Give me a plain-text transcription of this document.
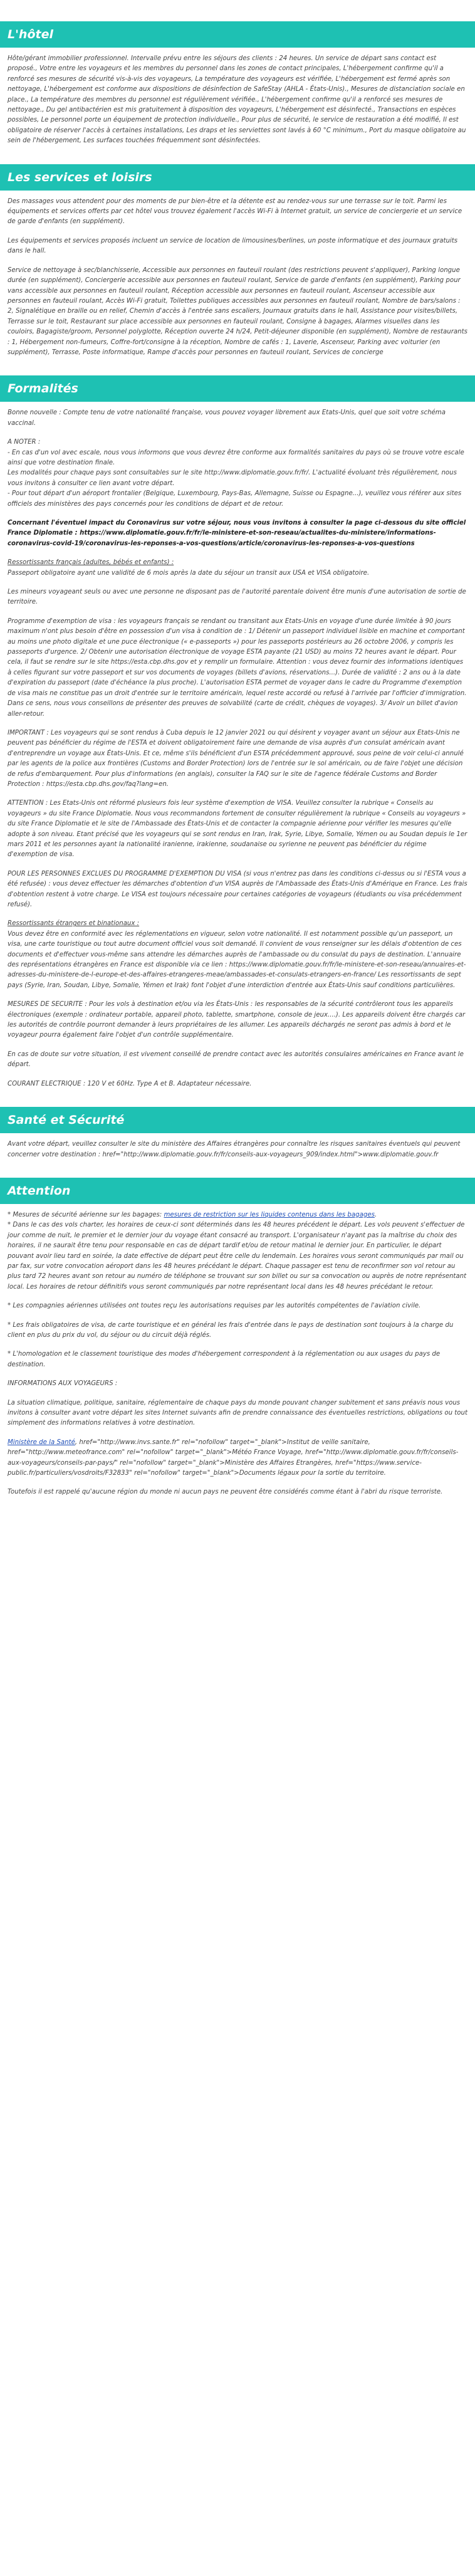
L'hôtel

Hôte/gérant immobilier professionnel. Intervalle prévu entre les séjours des clients : 24 heures. Un service de départ sans contact est proposé., Votre entre les voyageurs et les membres du personnel dans les zones de contact principales, L'hébergement confirme qu'il a renforcé ses mesures de sécurité vis-à-vis des voyageurs, La température des voyageurs est vérifiée, L'hébergement est fermé après son nettoyage, L'hébergement est conforme aux dispositions de désinfection de SafeStay (AHLA - États-Unis)., Mesures de distanciation sociale en place., La température des membres du personnel est régulièrement vérifiée., L'hébergement confirme qu'il a renforcé ses mesures de nettoyage., Du gel antibactérien est mis gratuitement à disposition des voyageurs, L'hébergement est désinfecté., Transactions en espèces possibles, Le personnel porte un équipement de protection individuelle., Pour plus de sécurité, le service de restauration a été modifié, Il est obligatoire de réserver l'accès à certaines installations, Les draps et les serviettes sont lavés à 60 °C minimum., Port du masque obligatoire au sein de l'hébergement, Les surfaces touchées fréquemment sont désinfectées.

Les services et loisirs

Des massages vous attendent pour des moments de pur bien-être et la détente est au rendez-vous sur une terrasse sur le toit. Parmi les équipements et services offerts par cet hôtel vous trouvez également l'accès Wi-Fi à Internet gratuit, un service de conciergerie et un service de garde d'enfants (en supplément).

Les équipements et services proposés incluent un service de location de limousines/berlines, un poste informatique et des journaux gratuits dans le hall.

Service de nettoyage à sec/blanchisserie, Accessible aux personnes en fauteuil roulant (des restrictions peuvent s'appliquer), Parking longue durée (en supplément), Conciergerie accessible aux personnes en fauteuil roulant, Service de garde d'enfants (en supplément), Parking pour vans accessible aux personnes en fauteuil roulant, Réception accessible aux personnes en fauteuil roulant, Ascenseur accessible aux personnes en fauteuil roulant, Accès Wi-Fi gratuit, Toilettes publiques accessibles aux personnes en fauteuil roulant, Nombre de bars/salons : 2, Signalétique en braille ou en relief, Chemin d'accès à l'entrée sans escaliers, Journaux gratuits dans le hall, Assistance pour visites/billets, Terrasse sur le toit, Restaurant sur place accessible aux personnes en fauteuil roulant, Consigne à bagages, Alarmes visuelles dans les couloirs, Bagagiste/groom, Personnel polyglotte, Réception ouverte 24 h/24, Petit-déjeuner disponible (en supplément), Nombre de restaurants : 1, Hébergement non-fumeurs, Coffre-fort/consigne à la réception, Nombre de cafés : 1, Laverie, Ascenseur, Parking avec voiturier (en supplément), Terrasse, Poste informatique, Rampe d'accès pour personnes en fauteuil roulant, Services de concierge

Formalités

Bonne nouvelle : Compte tenu de votre nationalité française, vous pouvez voyager librement aux Etats-Unis, quel que soit votre schéma vaccinal.

A NOTER :
- En cas d'un vol avec escale, nous vous informons que vous devrez être conforme aux formalités sanitaires du pays où se trouve votre escale ainsi que votre destination finale.
Les modalités pour chaque pays sont consultables sur le site http://www.diplomatie.gouv.fr/fr/. L'actualité évoluant très régulièrement, nous vous invitons à consulter ce lien avant votre départ.

- Pour tout départ d'un aéroport frontalier (Belgique, Luxembourg, Pays-Bas, Allemagne, Suisse ou Espagne...), veuillez vous référer aux sites officiels des ministères des pays concernés pour les conditions de départ et de retour.

Concernant l'éventuel impact du Coronavirus sur votre séjour, nous vous invitons à consulter la page ci-dessous du site officiel France Diplomatie : https://www.diplomatie.gouv.fr/fr/le-ministere-et-son-reseau/actualites-du-ministere/informations-coronavirus-covid-19/coronavirus-les-reponses-a-vos-questions/article/coronavirus-les-reponses-a-vos-questions

Ressortissants français (adultes, bébés et enfants) :

Passeport obligatoire ayant une validité de 6 mois après la date du séjour un transit aux USA et VISA obligatoire.

Les mineurs voyageant seuls ou avec une personne ne disposant pas de l'autorité parentale doivent être munis d'une autorisation de sortie de territoire.

Programme d'exemption de visa : les voyageurs français se rendant ou transitant aux Etats-Unis en voyage d'une durée limitée à 90 jours maximum n'ont plus besoin d'être en possession d'un visa à condition de : 1/ Détenir un passeport individuel lisible en machine et comportant au moins une photo digitale et une puce électronique (« e-passeports ») pour les passeports postérieurs au 26 octobre 2006, y compris les passeports d'urgence. 2/ Obtenir une autorisation électronique de voyage ESTA payante (21 USD) au moins 72 heures avant le départ. Pour cela, il faut se rendre sur le site https://esta.cbp.dhs.gov et y remplir un formulaire. Attention : vous devez fournir des informations identiques à celles figurant sur votre passeport et sur vos documents de voyages (billets d'avions, réservations...). Durée de validité : 2 ans ou à la date d'expiration du passeport (date d'échéance la plus proche). L'autorisation ESTA permet de voyager dans le cadre du Programme d'exemption de visa mais ne constitue pas un droit d'entrée sur le territoire américain, lequel reste accordé ou refusé à l'arrivée par l'officier d'immigration. Dans ce sens, nous vous conseillons de présenter des preuves de solvabilité (carte de crédit, chèques de voyages). 3/ Avoir un billet d'avion aller-retour.

IMPORTANT : Les voyageurs qui se sont rendus à Cuba depuis le 12 janvier 2021 ou qui désirent y voyager avant un séjour aux Etats-Unis ne peuvent pas bénéficier du régime de l'ESTA et doivent obligatoirement faire une demande de visa auprès d'un consulat américain avant d'entreprendre un voyage aux États-Unis. Et ce, même s'ils bénéficient d'un ESTA précédemment approuvé, sous peine de voir celui-ci annulé par les agents de la police aux frontières (Customs and Border Protection) lors de l'entrée sur le sol américain, ou de faire l'objet une décision de refus d'embarquement. Pour plus d'informations (en anglais), consulter la FAQ sur le site de l'agence fédérale Customs and Border Protection : https://esta.cbp.dhs.gov/faq?lang=en.

ATTENTION : Les Etats-Unis ont réformé plusieurs fois leur système d'exemption de VISA. Veuillez consulter la rubrique « Conseils au voyageurs » du site France Diplomatie. Nous vous recommandons fortement de consulter régulièrement la rubrique « Conseils au voyageurs » du site France Diplomatie et le site de l'Ambassade des États-Unis et de contacter la compagnie aérienne pour vérifier les mesures qu'elle adopte à son niveau. Etant précisé que les voyageurs qui se sont rendus en Iran, Irak, Syrie, Libye, Somalie, Yémen ou au Soudan depuis le 1er mars 2011 et les personnes ayant la nationalité iranienne, irakienne, soudanaise ou syrienne ne peuvent pas bénéficier du régime d'exemption de visa.

POUR LES PERSONNES EXCLUES DU PROGRAMME D'EXEMPTION DU VISA (si vous n'entrez pas dans les conditions ci-dessus ou si l'ESTA vous a été refusée) : vous devez effectuer les démarches d'obtention d'un VISA auprès de l'Ambassade des États-Unis d'Amérique en France. Les frais d'obtention restent à votre charge. Le VISA est toujours nécessaire pour certaines catégories de voyageurs (étudiants ou visa précédemment refusé).

Ressortissants étrangers et binationaux :

Vous devez être en conformité avec les réglementations en vigueur, selon votre nationalité. Il est notamment possible qu'un passeport, un visa, une carte touristique ou tout autre document officiel vous soit demandé. Il convient de vous renseigner sur les délais d'obtention de ces documents et d'effectuer vous-même sans attendre les démarches auprès de l'ambassade ou du consulat du pays de destination. L'annuaire des représentations étrangères en France est disponible via ce lien : https://www.diplomatie.gouv.fr/fr/le-ministere-et-son-reseau/annuaires-et-adresses-du-ministere-de-l-europe-et-des-affaires-etrangeres-meae/ambassades-et-consulats-etrangers-en-france/ Les ressortissants de sept pays (Syrie, Iran, Soudan, Libye, Somalie, Yémen et Irak) font l'objet d'une interdiction d'entrée aux États-Unis sauf conditions particulières.

MESURES DE SECURITE : Pour les vols à destination et/ou via les États-Unis : les responsables de la sécurité contrôleront tous les appareils électroniques (exemple : ordinateur portable, appareil photo, tablette, smartphone, console de jeux....). Les appareils doivent être chargés car les autorités de contrôle pourront demander à leurs propriétaires de les allumer. Les appareils déchargés ne seront pas admis à bord et le voyageur pourra également faire l'objet d'un contrôle supplémentaire.

En cas de doute sur votre situation, il est vivement conseillé de prendre contact avec les autorités consulaires américaines en France avant le départ.

COURANT ELECTRIQUE : 120 V et 60Hz. Type A et B. Adaptateur nécessaire.

Santé et Sécurité

Avant votre départ, veuillez consulter le site du ministère des Affaires étrangères pour connaître les risques sanitaires éventuels qui peuvent concerner votre destination : href="http://www.diplomatie.gouv.fr/fr/conseils-aux-voyageurs_909/index.html">www.diplomatie.gouv.fr

Attention
* Mesures de sécurité aérienne sur les bagages: mesures de restriction sur les liquides contenus dans les bagages.

* Dans le cas des vols charter, les horaires de ceux-ci sont déterminés dans les 48 heures précédent le départ. Les vols peuvent s'effectuer de jour comme de nuit, le premier et le dernier jour du voyage étant consacré au transport. L'organisateur n'ayant pas la maîtrise du choix des horaires, il ne saurait être tenu pour responsable en cas de départ tardif et/ou de retour matinal le dernier jour. En particulier, le départ pouvant avoir lieu tard en soirée, la date effective de départ peut être celle du lendemain. Les horaires vous seront communiqués par mail ou par fax, sur votre convocation aéroport dans les 48 heures précédant le départ. Chaque passager est tenu de reconfirmer son vol retour au plus tard 72 heures avant son retour au numéro de téléphone se trouvant sur son billet ou sur sa convocation ou auprès de notre représentant local. Les horaires de retour définitifs vous seront communiqués par notre représentant local dans les 48 heures précédant le retour.

* Les compagnies aériennes utilisées ont toutes reçu les autorisations requises par les autorités compétentes de l'aviation civile.

* Les frais obligatoires de visa, de carte touristique et en général les frais d'entrée dans le pays de destination sont toujours à la charge du client en plus du prix du vol, du séjour ou du circuit déjà réglés.

* L'homologation et le classement touristique des modes d'hébergement correspondent à la réglementation ou aux usages du pays de destination.

INFORMATIONS AUX VOYAGEURS :

La situation climatique, politique, sanitaire, réglementaire de chaque pays du monde pouvant changer subitement et sans préavis nous vous invitons à consulter avant votre départ les sites Internet suivants afin de prendre connaissance des éventuelles restrictions, obligations ou tout simplement des informations relatives à votre destination.

Ministère de la Santé, href="http://www.invs.sante.fr" rel="nofollow" target="_blank">Institut de veille sanitaire, href="http://www.meteofrance.com" rel="nofollow" target="_blank">Météo France Voyage, href="http://www.diplomatie.gouv.fr/fr/conseils-aux-voyageurs/conseils-par-pays/" rel="nofollow" target="_blank">Ministère des Affaires Etrangères, href="https://www.service-public.fr/particuliers/vosdroits/F32833" rel="nofollow" target="_blank">Documents légaux pour la sortie du territoire.

Toutefois il est rappelé qu'aucune région du monde ni aucun pays ne peuvent être considérés comme étant à l'abri du risque terroriste.
